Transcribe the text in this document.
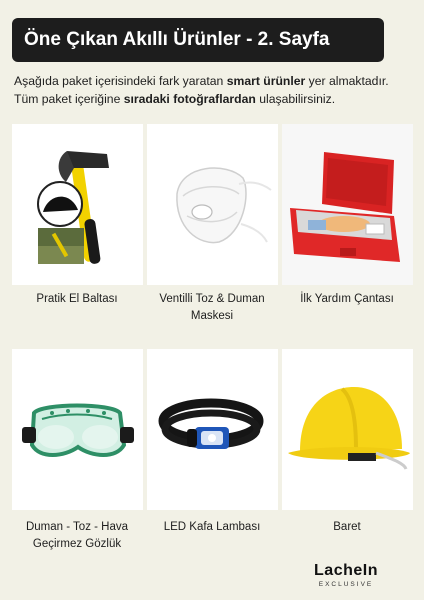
Öne Çıkan Akıllı Ürünler - 2. Sayfa
Aşağıda paket içerisindeki fark yaratan smart ürünler yer almaktadır.
Tüm paket içeriğine sıradaki fotoğraflardan ulaşabilirsiniz.
Pratik El Baltası	Ventilli Toz & Duman Maskesi
İlk Yardım Çantası
Duman - Toz - Hava Geçirmez Gözlük
LED Kafa Lambası	Baret
LacheIn
EXCLUSIVE
